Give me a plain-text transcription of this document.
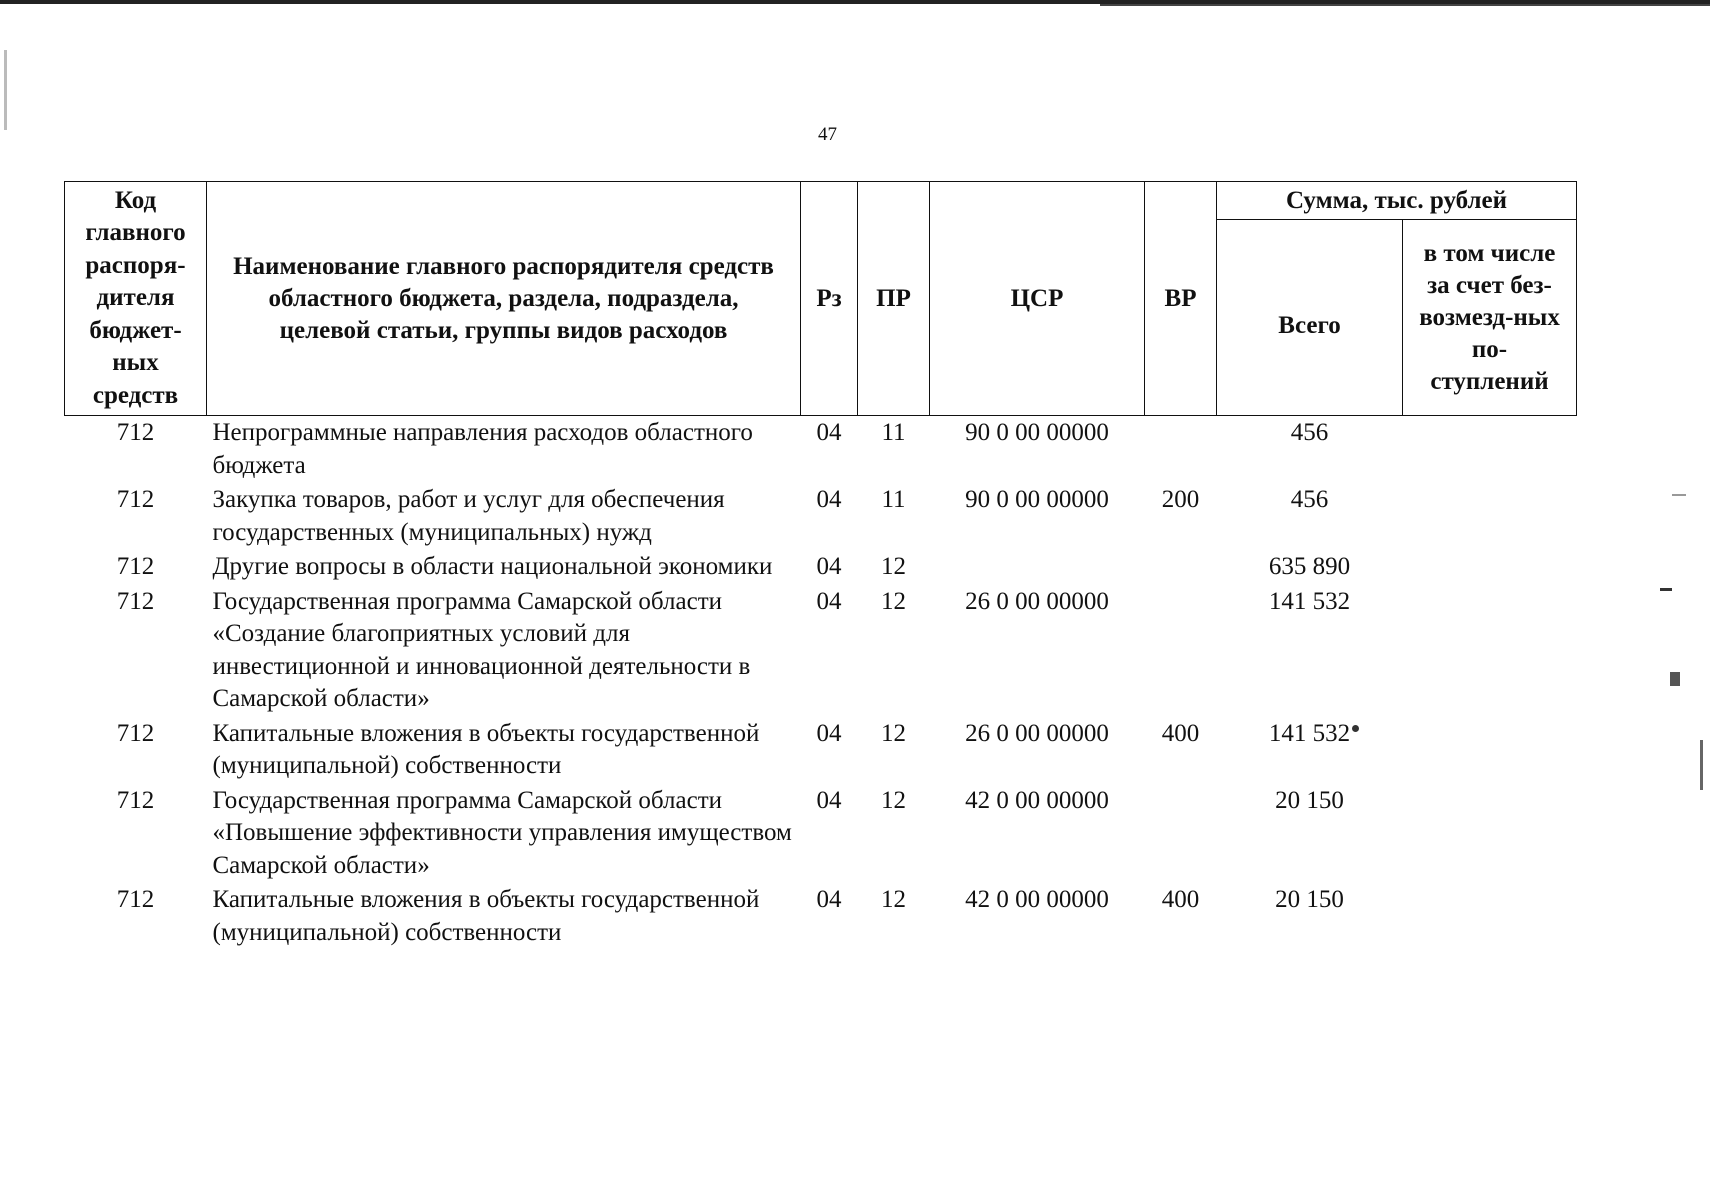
47
Код главного распоря-дителя бюджет-ных средств	Наименование главного распорядителя средств областного бюджета, раздела, подраздела, целевой статьи, группы видов расходов	Рз	ПР	ЦСР	ВР	Сумма, тыс. рублей	
						Всего	в том числе за счет без-возмезд-ных по-ступлений
712	Непрограммные направления расходов областного бюджета	04	11	90 0 00 00000		456	
712	Закупка товаров, работ и услуг для обеспечения государственных (муниципальных) нужд	04	11	90 0 00 00000	200	456	
712	Другие вопросы в области национальной экономики	04	12			635 890	
712	Государственная программа Самарской области «Создание благоприятных условий для инвестиционной и инновационной деятельности в Самарской области»	04	12	26 0 00 00000		141 532	
712	Капитальные вложения в объекты государственной (муниципальной) собственности	04	12	26 0 00 00000	400	141 532	
712	Государственная программа Самарской области «Повышение эффективности управления имуществом Самарской области»	04	12	42 0 00 00000		20 150	
712	Капитальные вложения в объекты государственной (муниципальной) собственности	04	12	42 0 00 00000	400	20 150	
